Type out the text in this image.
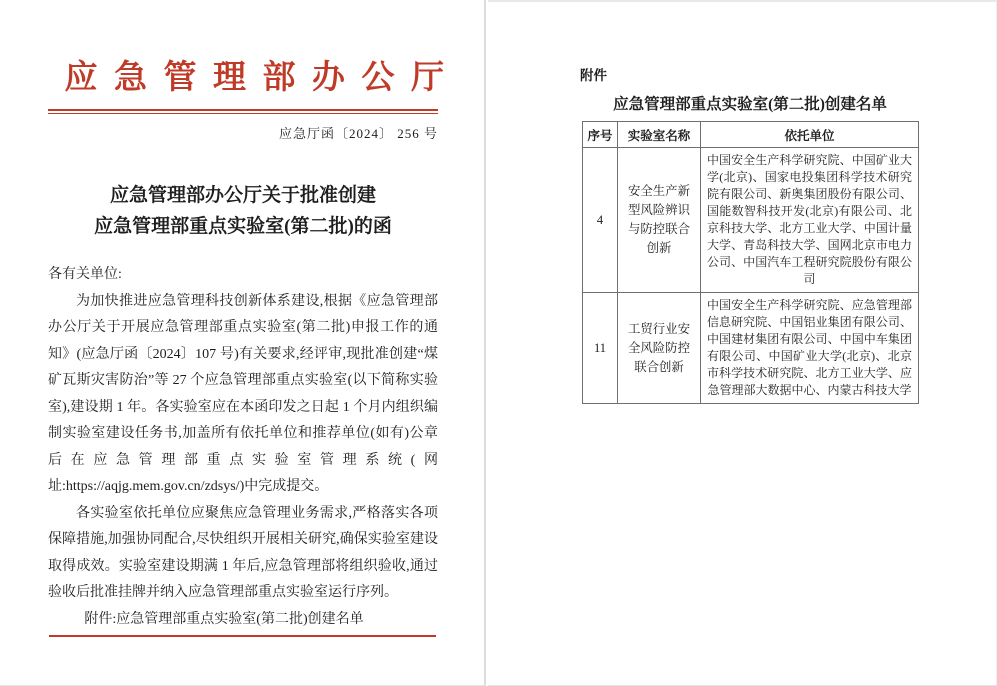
应急管理部办公厅
应急厅函〔2024〕 256 号
应急管理部办公厅关于批准创建
应急管理部重点实验室(第二批)的函

各有关单位:

为加快推进应急管理科技创新体系建设,根据《应急管理部办公厅关于开展应急管理部重点实验室(第二批)申报工作的通知》(应急厅函〔2024〕107 号)有关要求,经评审,现批准创建“煤矿瓦斯灾害防治”等 27 个应急管理部重点实验室(以下简称实验室),建设期 1 年。各实验室应在本函印发之日起 1 个月内组织编制实验室建设任务书,加盖所有依托单位和推荐单位(如有)公章后在应急管理部重点实验室管理系统(网址:https://aqjg.mem.gov.cn/zdsys/)中完成提交。

各实验室依托单位应聚焦应急管理业务需求,严格落实各项保障措施,加强协同配合,尽快组织开展相关研究,确保实验室建设取得成效。实验室建设期满 1 年后,应急管理部将组织验收,通过验收后批准挂牌并纳入应急管理部重点实验室运行序列。

附件:应急管理部重点实验室(第二批)创建名单

附件
应急管理部重点实验室(第二批)创建名单
序号	实验室名称	依托单位
4	安全生产新型风险辨识与防控联合创新	中国安全生产科学研究院、中国矿业大学(北京)、国家电投集团科学技术研究院有限公司、新奥集团股份有限公司、国能数智科技开发(北京)有限公司、北京科技大学、北方工业大学、中国计量大学、青岛科技大学、国网北京市电力公司、中国汽车工程研究院股份有限公司
11	工贸行业安全风险防控联合创新	中国安全生产科学研究院、应急管理部信息研究院、中国铝业集团有限公司、中国建材集团有限公司、中国中车集团有限公司、中国矿业大学(北京)、北京市科学技术研究院、北方工业大学、应急管理部大数据中心、内蒙古科技大学
